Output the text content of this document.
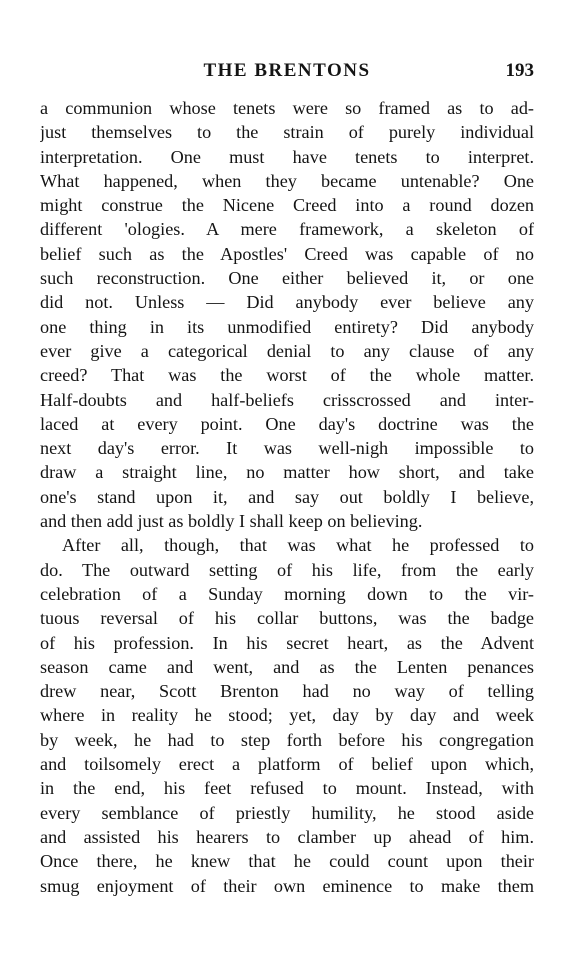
THE BRENTONS	193
a communion whose tenets were so framed as to ad-
just themselves to the strain of purely individual
interpretation. One must have tenets to interpret.
What happened, when they became untenable? One
might construe the Nicene Creed into a round dozen
different 'ologies. A mere framework, a skeleton of
belief such as the Apostles' Creed was capable of no
such reconstruction. One either believed it, or one
did not. Unless — Did anybody ever believe any
one thing in its unmodified entirety? Did anybody
ever give a categorical denial to any clause of any
creed? That was the worst of the whole matter.
Half-doubts and half-beliefs crisscrossed and inter-
laced at every point. One day's doctrine was the
next day's error. It was well-nigh impossible to
draw a straight line, no matter how short, and take
one's stand upon it, and say out boldly I believe,
and then add just as boldly I shall keep on believing.
After all, though, that was what he professed to
do. The outward setting of his life, from the early
celebration of a Sunday morning down to the vir-
tuous reversal of his collar buttons, was the badge
of his profession. In his secret heart, as the Advent
season came and went, and as the Lenten penances
drew near, Scott Brenton had no way of telling
where in reality he stood; yet, day by day and week
by week, he had to step forth before his congregation
and toilsomely erect a platform of belief upon which,
in the end, his feet refused to mount. Instead, with
every semblance of priestly humility, he stood aside
and assisted his hearers to clamber up ahead of him.
Once there, he knew that he could count upon their
smug enjoyment of their own eminence to make them
